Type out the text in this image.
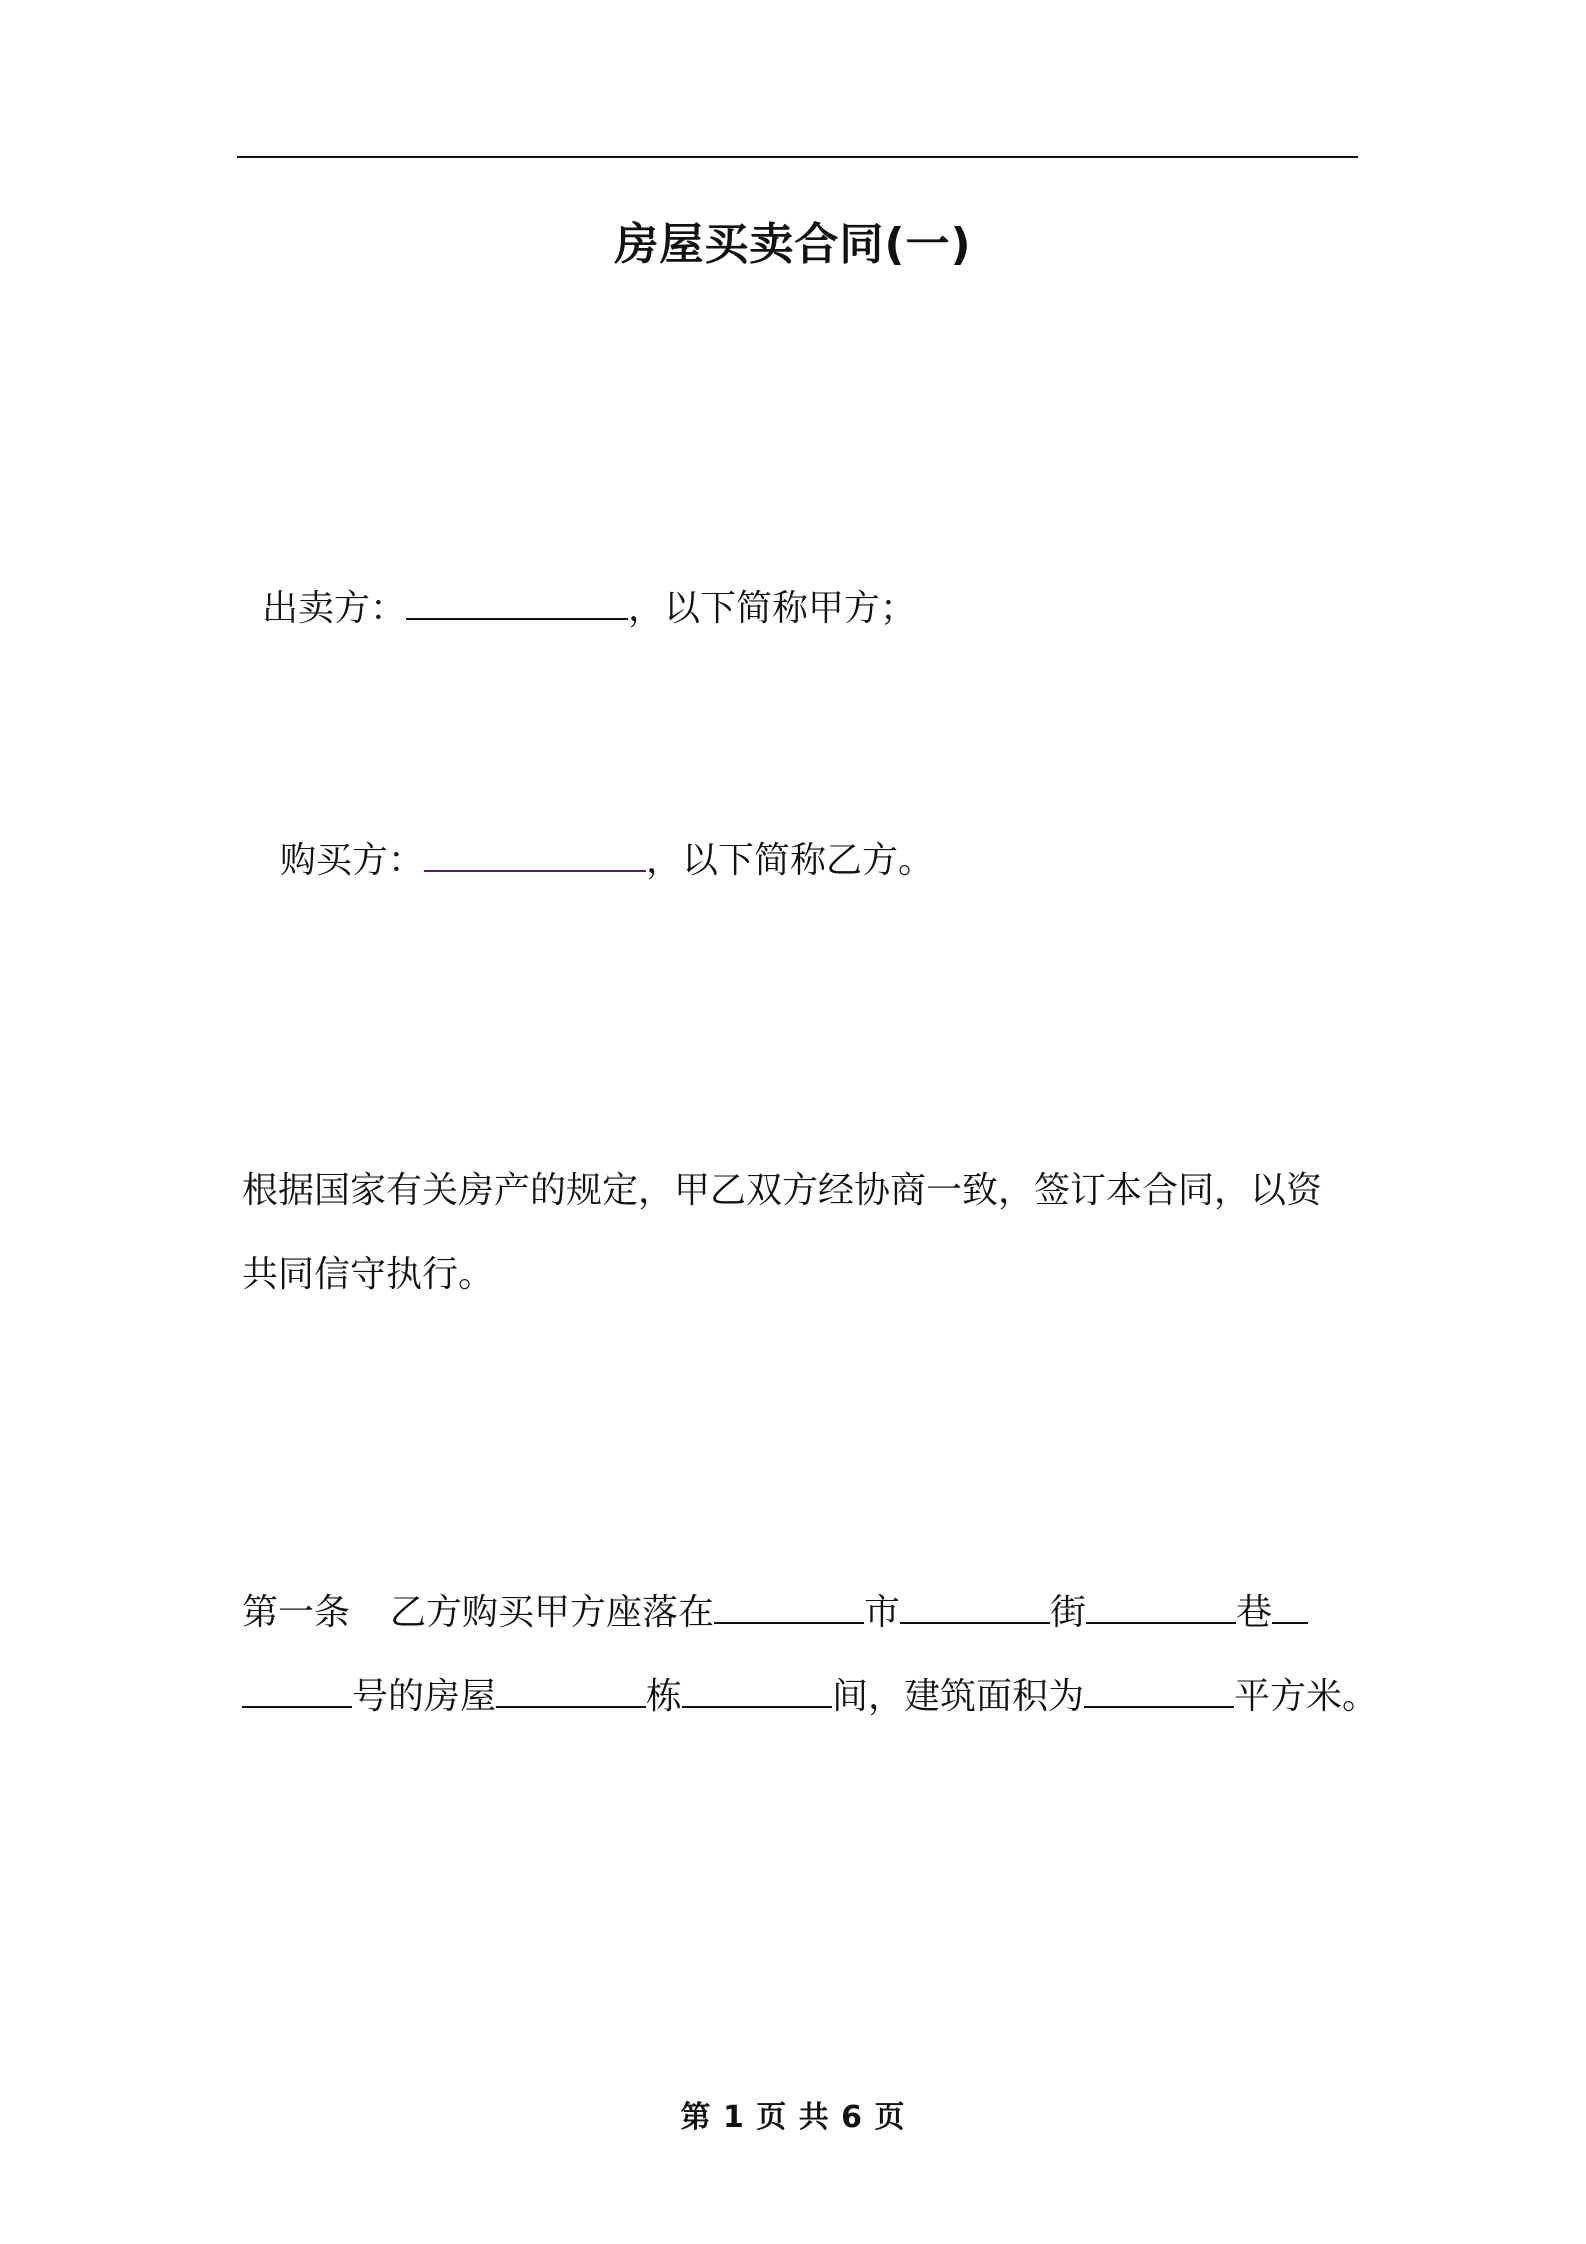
房屋买卖合同(一)
出卖方：	，以下简称甲方；
购买方：	，以下简称乙方。
根据国家有关房产的规定，甲乙双方经协商一致，签订本合同，以资
共同信守执行。
第一条 乙方购买甲方座落在	市	街	巷
号的房屋	栋	间，建筑面积为	平方米。
第 1 页 共 6 页
